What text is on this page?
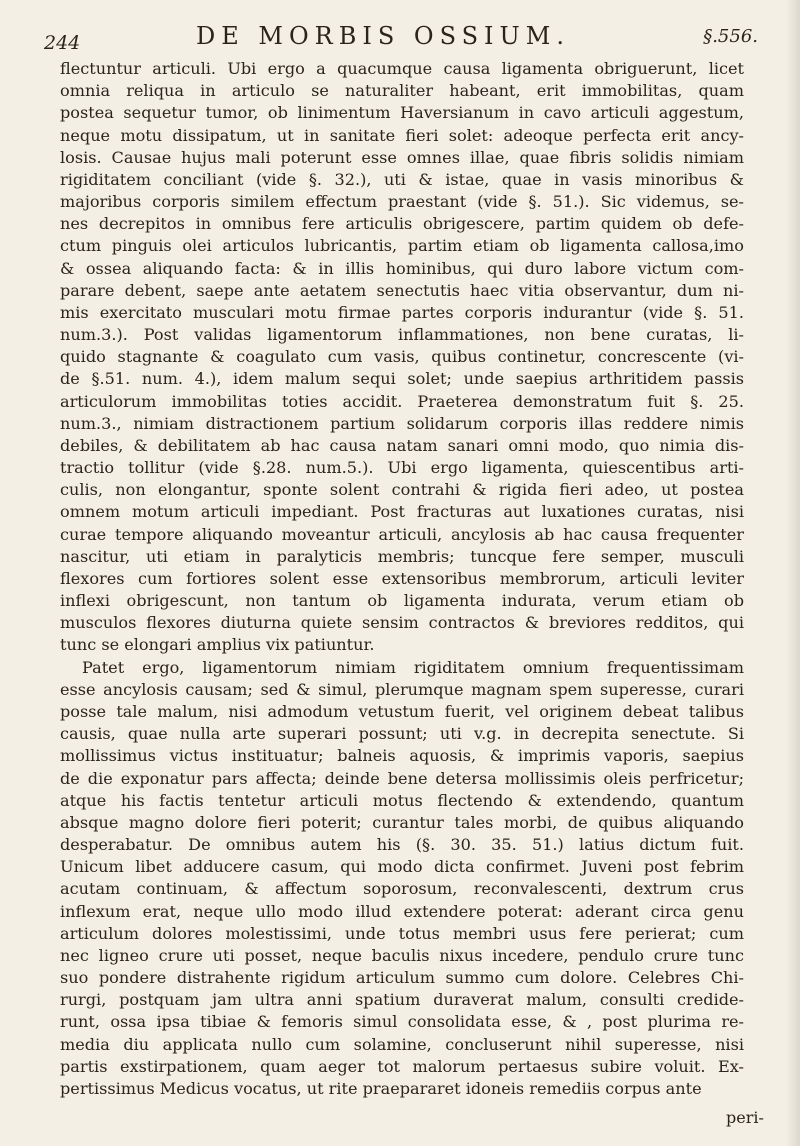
244	DE MORBIS OSSIUM.	§.556.
flectuntur articuli. Ubi ergo a quacumque causa ligamenta obriguerunt, licet
omnia reliqua in articulo se naturaliter habeant, erit immobilitas, quam
postea sequetur tumor, ob linimentum Haversianum in cavo articuli aggestum,
neque motu dissipatum, ut in sanitate fieri solet: adeoque perfecta erit ancy-
losis. Causae hujus mali poterunt esse omnes illae, quae fibris solidis nimiam
rigiditatem conciliant (vide §. 32.), uti & istae, quae in vasis minoribus &
majoribus corporis similem effectum praestant (vide §. 51.). Sic videmus, se-
nes decrepitos in omnibus fere articulis obrigescere, partim quidem ob defe-
ctum pinguis olei articulos lubricantis, partim etiam ob ligamenta callosa,imo
& ossea aliquando facta: & in illis hominibus, qui duro labore victum com-
parare debent, saepe ante aetatem senectutis haec vitia observantur, dum ni-
mis exercitato musculari motu firmae partes corporis indurantur (vide §. 51.
num.3.). Post validas ligamentorum inflammationes, non bene curatas, li-
quido stagnante & coagulato cum vasis, quibus continetur, concrescente (vi-
de §.51. num. 4.), idem malum sequi solet; unde saepius arthritidem passis
articulorum immobilitas toties accidit. Praeterea demonstratum fuit §. 25.
num.3., nimiam distractionem partium solidarum corporis illas reddere nimis
debiles, & debilitatem ab hac causa natam sanari omni modo, quo nimia dis-
tractio tollitur (vide §.28. num.5.). Ubi ergo ligamenta, quiescentibus arti-
culis, non elongantur, sponte solent contrahi & rigida fieri adeo, ut postea
omnem motum articuli impediant. Post fracturas aut luxationes curatas, nisi
curae tempore aliquando moveantur articuli, ancylosis ab hac causa frequenter
nascitur, uti etiam in paralyticis membris; tuncque fere semper, musculi
flexores cum fortiores solent esse extensoribus membrorum, articuli leviter
inflexi obrigescunt, non tantum ob ligamenta indurata, verum etiam ob
musculos flexores diuturna quiete sensim contractos & breviores redditos, qui
tunc se elongari amplius vix patiuntur.
Patet ergo, ligamentorum nimiam rigiditatem omnium frequentissimam
esse ancylosis causam; sed & simul, plerumque magnam spem superesse, curari
posse tale malum, nisi admodum vetustum fuerit, vel originem debeat talibus
causis, quae nulla arte superari possunt; uti v.g. in decrepita senectute. Si
mollissimus victus instituatur; balneis aquosis, & imprimis vaporis, saepius
de die exponatur pars affecta; deinde bene detersa mollissimis oleis perfricetur;
atque his factis tentetur articuli motus flectendo & extendendo, quantum
absque magno dolore fieri poterit; curantur tales morbi, de quibus aliquando
desperabatur. De omnibus autem his (§. 30. 35. 51.) latius dictum fuit.
Unicum libet adducere casum, qui modo dicta confirmet. Juveni post febrim
acutam continuam, & affectum soporosum, reconvalescenti, dextrum crus
inflexum erat, neque ullo modo illud extendere poterat: aderant circa genu
articulum dolores molestissimi, unde totus membri usus fere perierat; cum
nec ligneo crure uti posset, neque baculis nixus incedere, pendulo crure tunc
suo pondere distrahente rigidum articulum summo cum dolore. Celebres Chi-
rurgi, postquam jam ultra anni spatium duraverat malum, consulti credide-
runt, ossa ipsa tibiae & femoris simul consolidata esse, & , post plurima re-
media diu applicata nullo cum solamine, concluserunt nihil superesse, nisi
partis exstirpationem, quam aeger tot malorum pertaesus subire voluit. Ex-
pertissimus Medicus vocatus, ut rite praepararet idoneis remediis corpus ante
peri-
